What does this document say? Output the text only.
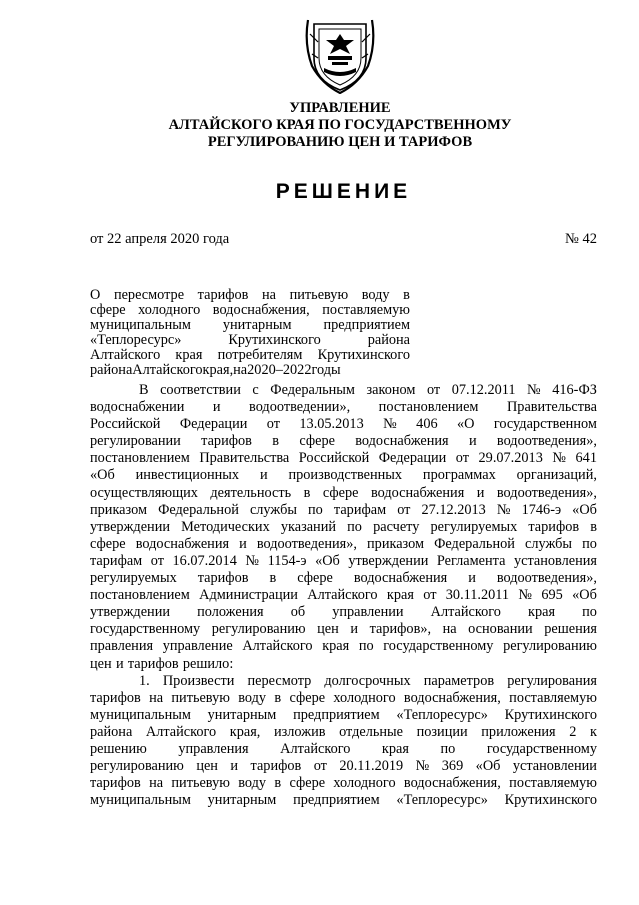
УПРАВЛЕНИЕ
АЛТАЙСКОГО КРАЯ ПО ГОСУДАРСТВЕННОМУ
РЕГУЛИРОВАНИЮ ЦЕН И ТАРИФОВ
РЕШЕНИЕ
от 22 апреля 2020 года	№ 42
О пересмотре тарифов на питьевую воду в
сфере холодного водоснабжения, поставляемую
муниципальным унитарным предприятием
«Теплоресурс»	Крутихинского	района
Алтайского края потребителям Крутихинского
района Алтайского края, на 2020–2022 годы
В соответствии с Федеральным законом от 07.12.2011 № 416-ФЗ
водоснабжении и водоотведении», постановлением Правительства
Российской Федерации от 13.05.2013 № 406 «О государственном
регулировании тарифов в сфере водоснабжения и водоотведения»,
постановлением Правительства Российской Федерации от 29.07.2013 № 641
«Об инвестиционных и производственных программах организаций,
осуществляющих деятельность в сфере водоснабжения и водоотведения»,
приказом Федеральной службы по тарифам от 27.12.2013 № 1746-э «Об
утверждении Методических указаний по расчету регулируемых тарифов в
сфере водоснабжения и водоотведения», приказом Федеральной службы по
тарифам от 16.07.2014 № 1154-э «Об утверждении Регламента установления
регулируемых тарифов в сфере водоснабжения и водоотведения»,
постановлением Администрации Алтайского края от 30.11.2011 № 695 «Об
утверждении положения об управлении Алтайского края по
государственному регулированию цен и тарифов», на основании решения
правления управление Алтайского края по государственному регулированию
цен и тарифов решило:
1. Произвести пересмотр долгосрочных параметров регулирования
тарифов на питьевую воду в сфере холодного водоснабжения, поставляемую
муниципальным унитарным предприятием «Теплоресурс» Крутихинского
района Алтайского края, изложив отдельные позиции приложения 2 к
решению управления Алтайского края по государственному
регулированию цен и тарифов от 20.11.2019 № 369 «Об установлении
тарифов на питьевую воду в сфере холодного водоснабжения, поставляемую
муниципальным унитарным предприятием «Теплоресурс» Крутихинского
